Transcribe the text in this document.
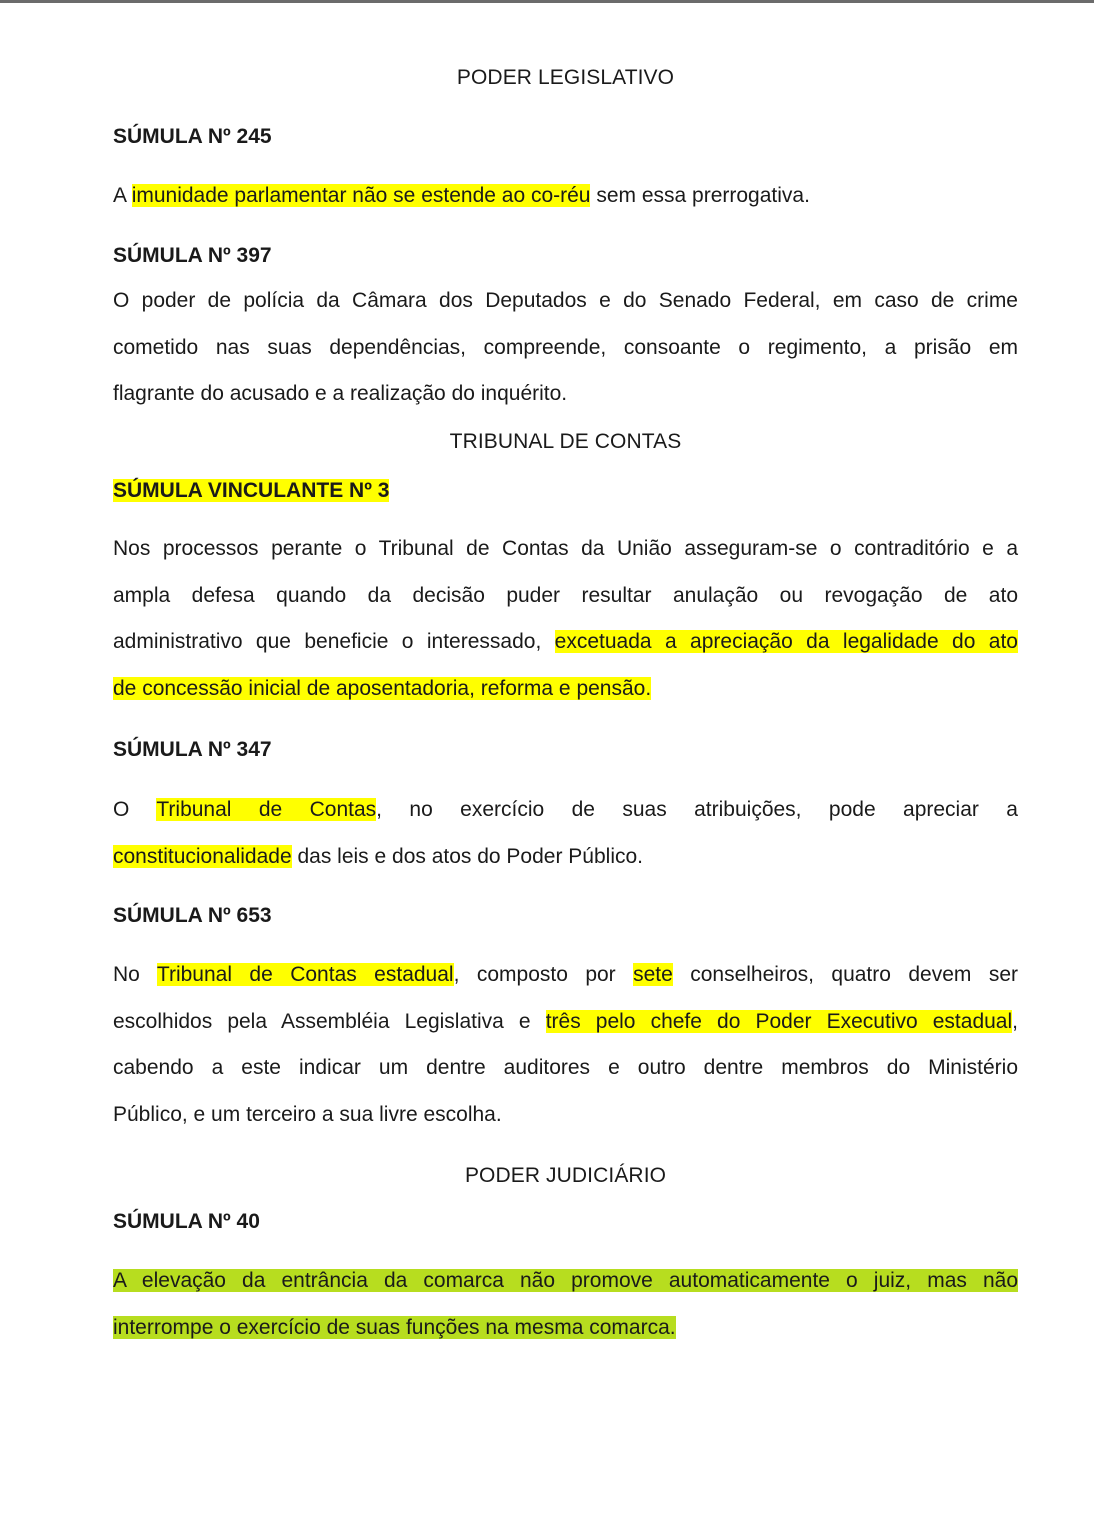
PODER LEGISLATIVO

SÚMULA Nº 245

A imunidade parlamentar não se estende ao co-réu sem essa prerrogativa.

SÚMULA Nº 397

O poder de polícia da Câmara dos Deputados e do Senado Federal, em caso de crime
cometido nas suas dependências, compreende, consoante o regimento, a prisão em
flagrante do acusado e a realização do inquérito.

TRIBUNAL DE CONTAS

SÚMULA VINCULANTE Nº 3

Nos processos perante o Tribunal de Contas da União asseguram-se o contraditório e a
ampla defesa quando da decisão puder resultar anulação ou revogação de ato
administrativo que beneficie o interessado, excetuada a apreciação da legalidade do ato
de concessão inicial de aposentadoria, reforma e pensão.

SÚMULA Nº 347

O Tribunal de Contas, no exercício de suas atribuições, pode apreciar a
constitucionalidade das leis e dos atos do Poder Público.

SÚMULA Nº 653

No Tribunal de Contas estadual, composto por sete conselheiros, quatro devem ser
escolhidos pela Assembléia Legislativa e três pelo chefe do Poder Executivo estadual,
cabendo a este indicar um dentre auditores e outro dentre membros do Ministério
Público, e um terceiro a sua livre escolha.

PODER JUDICIÁRIO

SÚMULA Nº 40

A elevação da entrância da comarca não promove automaticamente o juiz, mas não
interrompe o exercício de suas funções na mesma comarca.
